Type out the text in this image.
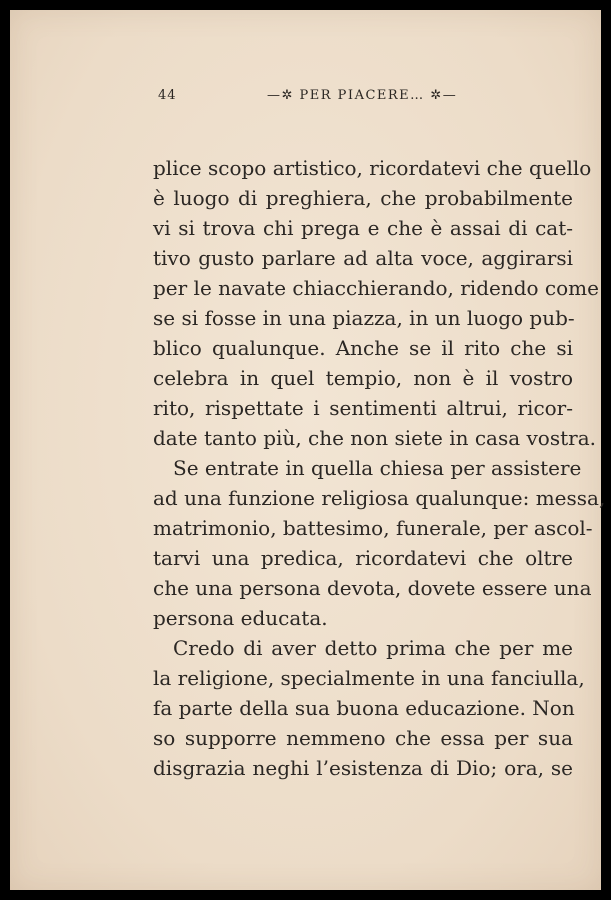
44	—✲ PER PIACERE… ✲—
plice scopo artistico, ricordatevi che quello
è luogo di preghiera, che probabilmente
vi si trova chi prega e che è assai di cat-
tivo gusto parlare ad alta voce, aggirarsi
per le navate chiacchierando, ridendo come
se si fosse in una piazza, in un luogo pub-
blico qualunque. Anche se il rito che si
celebra in quel tempio, non è il vostro
rito, rispettate i sentimenti altrui, ricor-
date tanto più, che non siete in casa vostra.
Se entrate in quella chiesa per assistere
ad una funzione religiosa qualunque: messa,
matrimonio, battesimo, funerale, per ascol-
tarvi una predica, ricordatevi che oltre
che una persona devota, dovete essere una
persona educata.
Credo di aver detto prima che per me
la religione, specialmente in una fanciulla,
fa parte della sua buona educazione. Non
so supporre nemmeno che essa per sua
disgrazia neghi l’esistenza di Dio; ora, se
